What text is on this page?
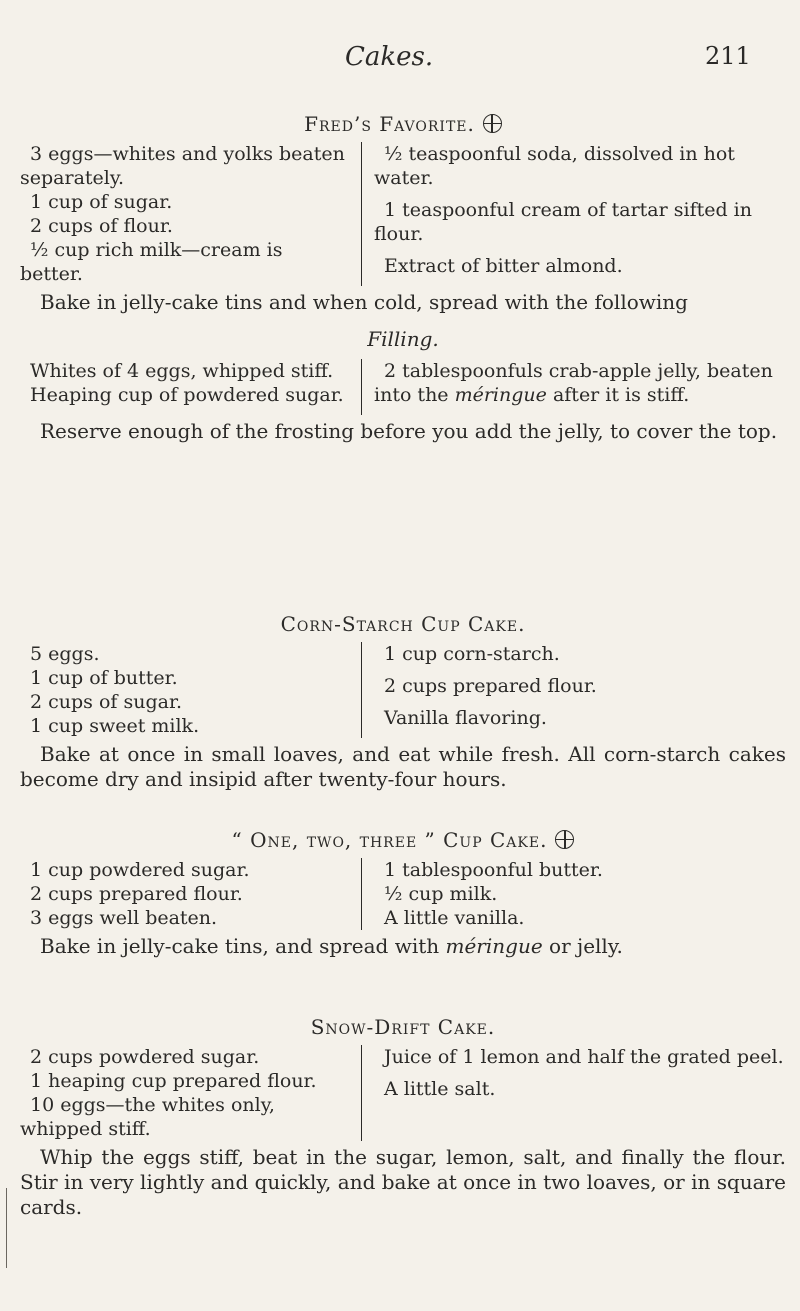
Cakes.	211
Fred’s Favorite.
3 eggs—whites and yolks beaten separately.
1 cup of sugar.
2 cups of flour.
½ cup rich milk—cream is better.
½ teaspoonful soda, dissolved in hot water.
1 teaspoonful cream of tartar sifted in flour.
Extract of bitter almond.

Bake in jelly-cake tins and when cold, spread with the following

Filling.
Whites of 4 eggs, whipped stiff.
Heaping cup of powdered sugar.
2 tablespoonfuls crab-apple jelly, beaten into the méringue after it is stiff.

Reserve enough of the frosting before you add the jelly, to cover the top.

Corn-Starch Cup Cake.
5 eggs.
1 cup of butter.
2 cups of sugar.
1 cup sweet milk.
1 cup corn-starch.
2 cups prepared flour.
Vanilla flavoring.

Bake at once in small loaves, and eat while fresh. All corn-starch cakes become dry and insipid after twenty-four hours.

“ One, two, three ” Cup Cake.
1 cup powdered sugar.
2 cups prepared flour.
3 eggs well beaten.
1 tablespoonful butter.
½ cup milk.
A little vanilla.

Bake in jelly-cake tins, and spread with méringue or jelly.

Snow-Drift Cake.
2 cups powdered sugar.
1 heaping cup prepared flour.
10 eggs—the whites only, whipped stiff.
Juice of 1 lemon and half the grated peel.
A little salt.

Whip the eggs stiff, beat in the sugar, lemon, salt, and finally the flour. Stir in very lightly and quickly, and bake at once in two loaves, or in square cards.
